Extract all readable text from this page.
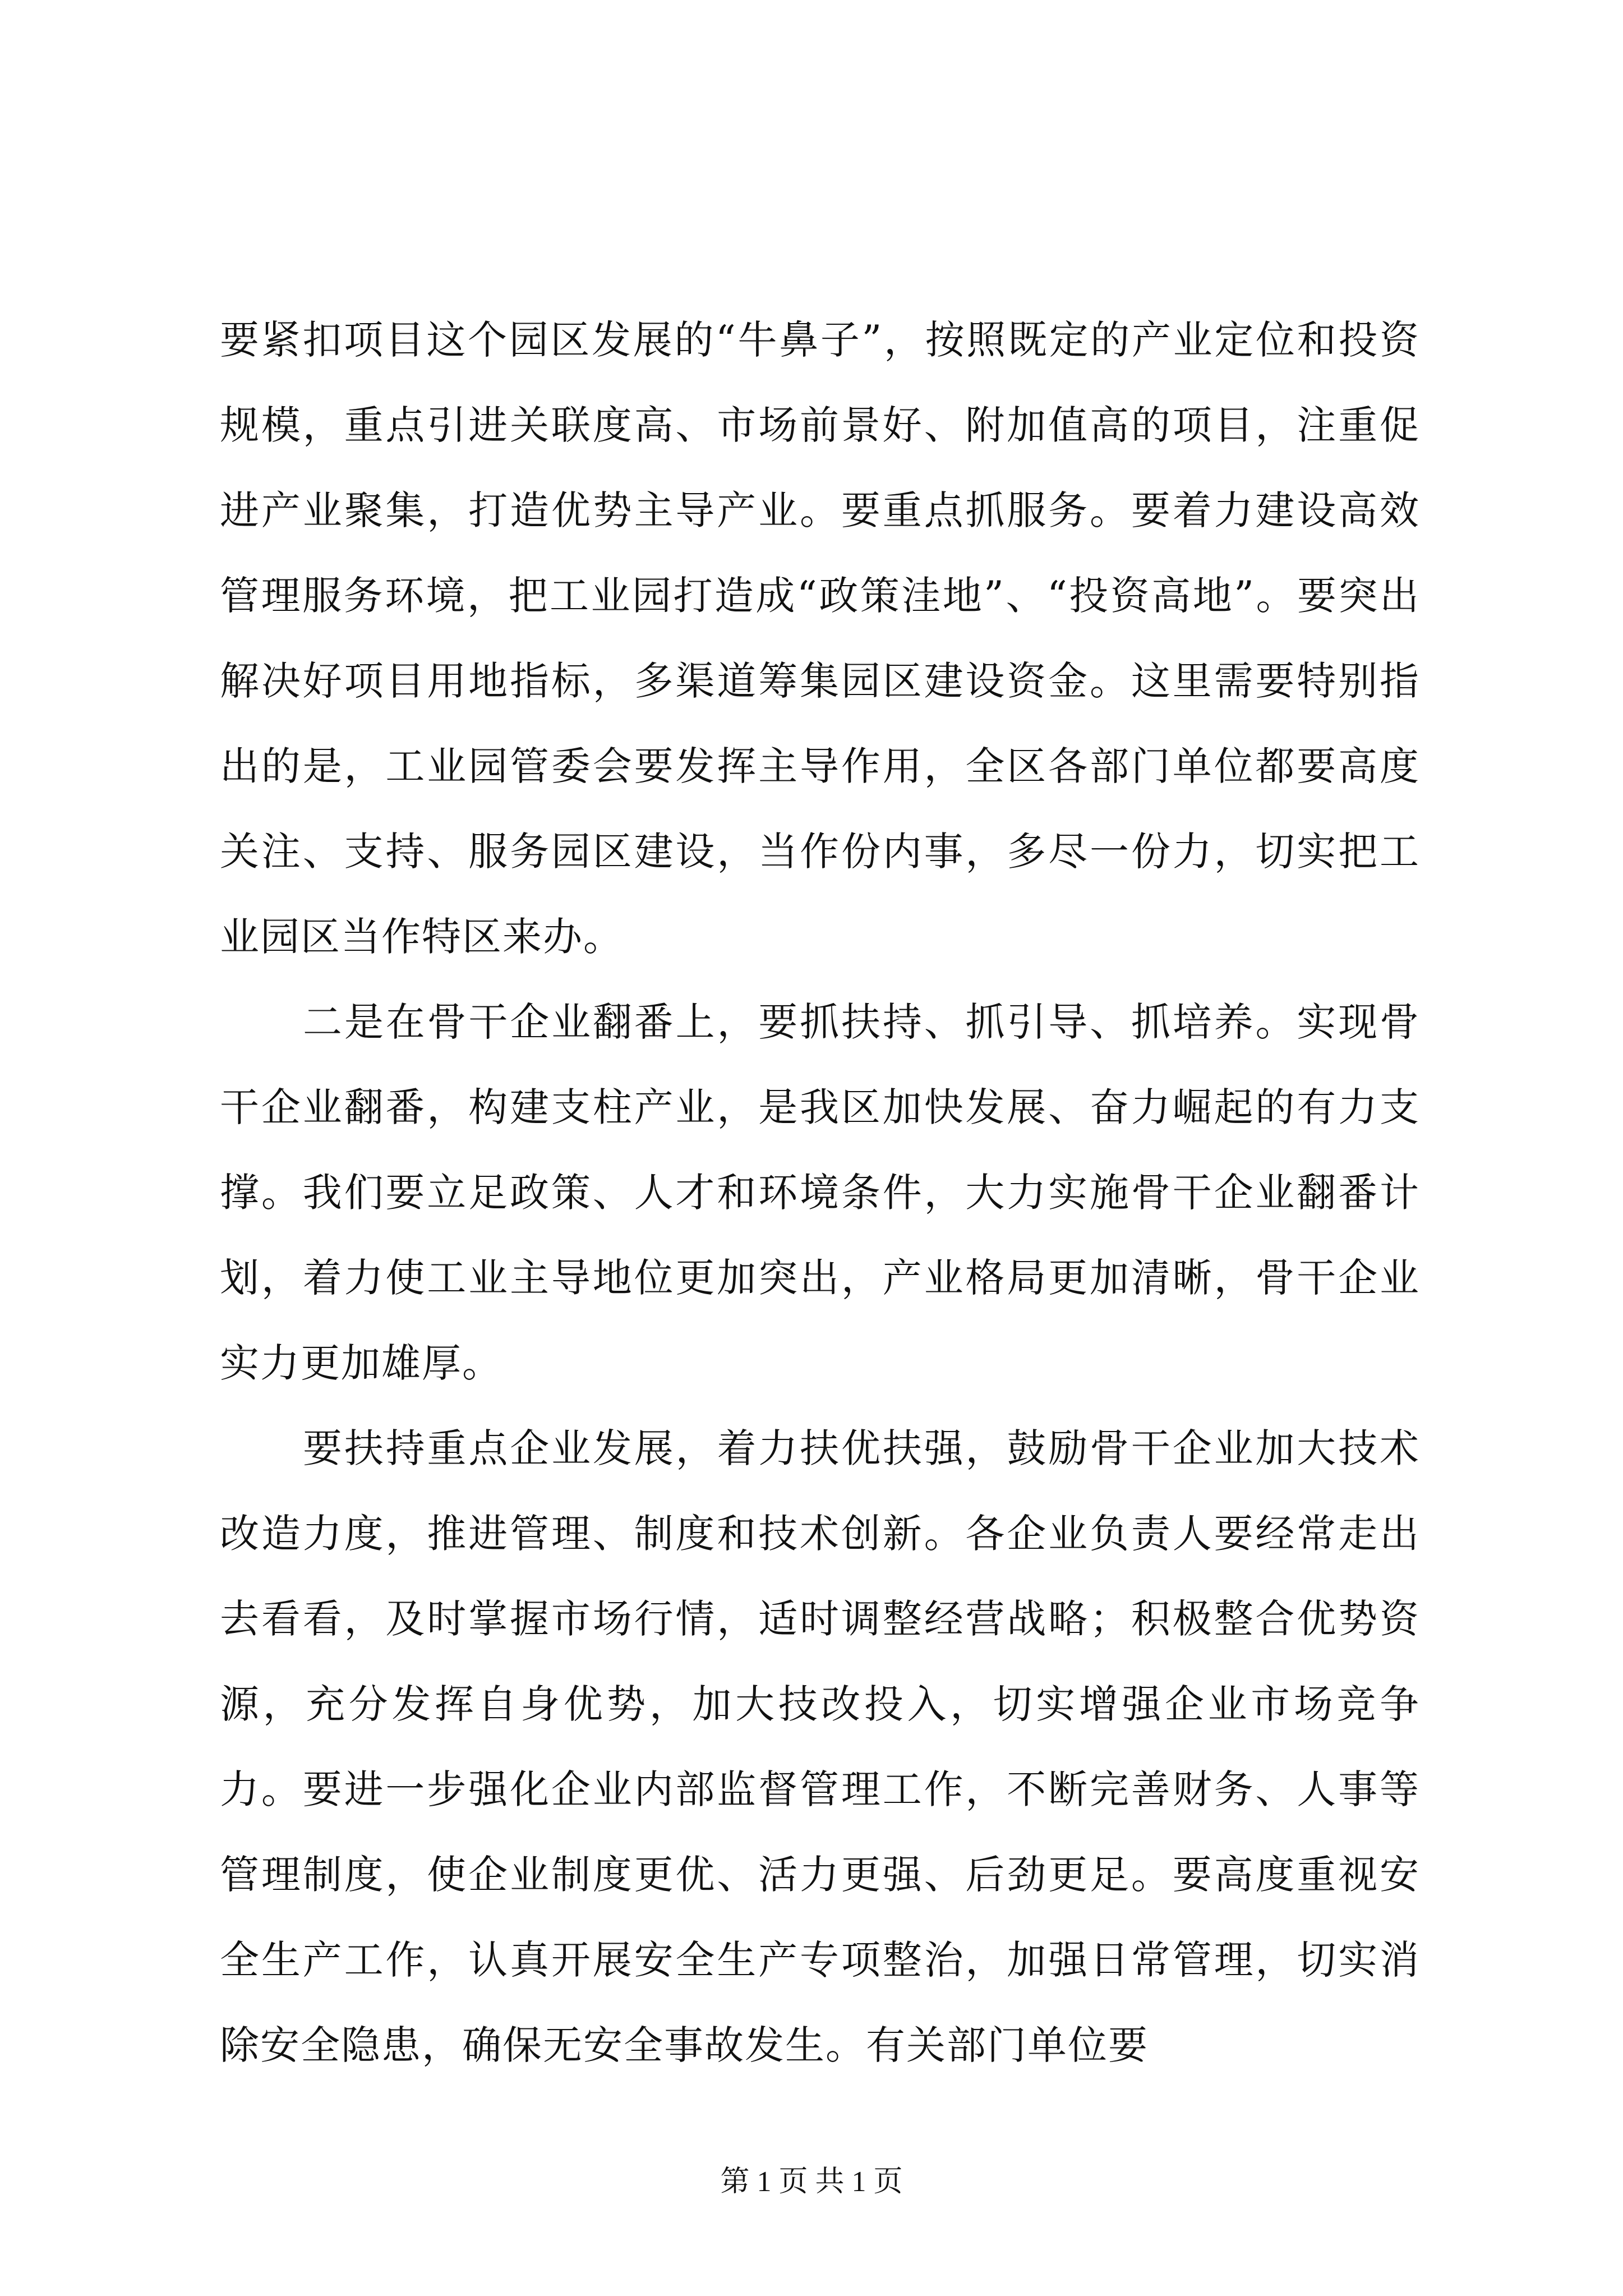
要紧扣项目这个园区发展的“牛鼻子”，按照既定的产业定位和投资规模，重点引进关联度高、市场前景好、附加值高的项目，注重促进产业聚集，打造优势主导产业。要重点抓服务。要着力建设高效管理服务环境，把工业园打造成“政策洼地”、“投资高地”。要突出解决好项目用地指标，多渠道筹集园区建设资金。这里需要特别指出的是，工业园管委会要发挥主导作用，全区各部门单位都要高度关注、支持、服务园区建设，当作份内事，多尽一份力，切实把工业园区当作特区来办。

二是在骨干企业翻番上，要抓扶持、抓引导、抓培养。实现骨干企业翻番，构建支柱产业，是我区加快发展、奋力崛起的有力支撑。我们要立足政策、人才和环境条件，大力实施骨干企业翻番计划，着力使工业主导地位更加突出，产业格局更加清晰，骨干企业实力更加雄厚。

要扶持重点企业发展，着力扶优扶强，鼓励骨干企业加大技术改造力度，推进管理、制度和技术创新。各企业负责人要经常走出去看看，及时掌握市场行情，适时调整经营战略；积极整合优势资源，充分发挥自身优势，加大技改投入，切实增强企业市场竞争力。要进一步强化企业内部监督管理工作，不断完善财务、人事等管理制度，使企业制度更优、活力更强、后劲更足。要高度重视安全生产工作，认真开展安全生产专项整治，加强日常管理，切实消除安全隐患，确保无安全事故发生。有关部门单位要

第 1 页 共 1 页
